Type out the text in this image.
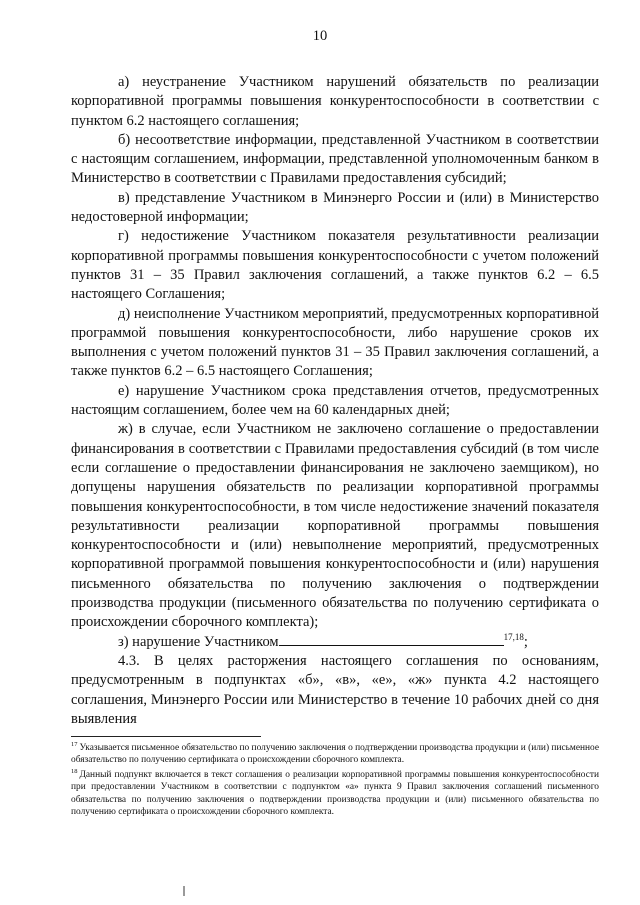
10

а) неустранение Участником нарушений обязательств по реализации корпоративной программы повышения конкурентоспособности в соответствии с пунктом 6.2 настоящего соглашения;

б) несоответствие информации, представленной Участником в соответствии с настоящим соглашением, информации, представленной уполномоченным банком в Министерство в соответствии с Правилами предоставления субсидий;

в) представление Участником в Минэнерго России и (или) в Министерство недостоверной информации;

г) недостижение Участником показателя результативности реализации корпоративной программы повышения конкурентоспособности с учетом положений пунктов 31 – 35 Правил заключения соглашений, а также пунктов 6.2 – 6.5 настоящего Соглашения;

д) неисполнение Участником мероприятий, предусмотренных корпоративной программой повышения конкурентоспособности, либо нарушение сроков их выполнения с учетом положений пунктов 31 – 35 Правил заключения соглашений, а также пунктов 6.2 – 6.5 настоящего Соглашения;

е) нарушение Участником срока представления отчетов, предусмотренных настоящим соглашением, более чем на 60 календарных дней;

ж) в случае, если Участником не заключено соглашение о предоставлении финансирования в соответствии с Правилами предоставления субсидий (в том числе если соглашение о предоставлении финансирования не заключено заемщиком), но допущены нарушения обязательств по реализации корпоративной программы повышения конкурентоспособности, в том числе недостижение значений показателя результативности реализации корпоративной программы повышения конкурентоспособности и (или) невыполнение мероприятий, предусмотренных корпоративной программой повышения конкурентоспособности и (или) нарушения письменного обязательства по получению заключения о подтверждении производства продукции (письменного обязательства по получению сертификата о происхождении сборочного комплекта);

з) нарушение Участником	$^{17,18}$;

4.3. В целях расторжения настоящего соглашения по основаниям, предусмотренным в подпунктах «б», «в», «е», «ж» пункта 4.2 настоящего соглашения, Минэнерго России или Министерство в течение 10 рабочих дней со дня выявления

$^{17}$ Указывается письменное обязательство по получению заключения о подтверждении производства продукции и (или) письменное обязательство по получению сертификата о происхождении сборочного комплекта.

$^{18}$ Данный подпункт включается в текст соглашения о реализации корпоративной программы повышения конкурентоспособности при предоставлении Участником в соответствии с подпунктом «а» пункта 9 Правил заключения соглашений письменного обязательства по получению заключения о подтверждении производства продукции и (или) письменного обязательства по получению сертификата о происхождении сборочного комплекта.
